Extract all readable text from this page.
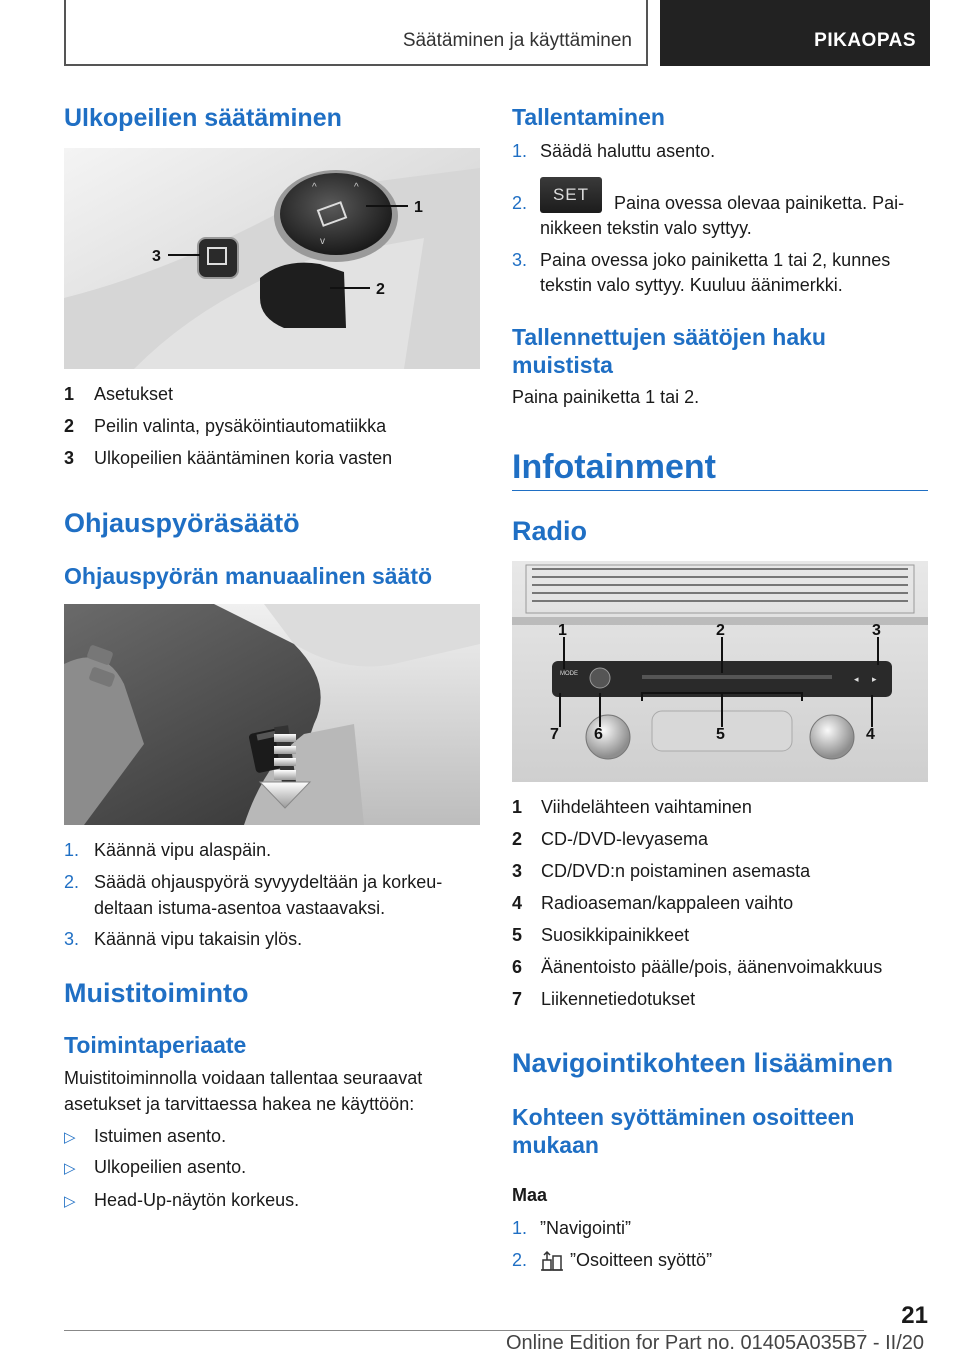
Säätäminen ja käyttäminen	PIKAOPAS
Ulkopeilien säätäminen
^	^
v
1
2
3
1 Asetukset
2 Peilin valinta, pysäköintiautomatiikka
3 Ulkopeilien kääntäminen koria vasten
Ohjauspyöräsäätö
Ohjauspyörän manuaalinen säätö
1. Käännä vipu alaspäin.
2. Säädä ohjauspyörä syvyydeltään ja korkeu-
deltaan istuma-asentoa vastaavaksi.
3. Käännä vipu takaisin ylös.
Muistitoiminto
Toimintaperiaate
Muistitoiminnolla voidaan tallentaa seuraavat
asetukset ja tarvittaessa hakea ne käyttöön:
▷ Istuimen asento.
▷ Ulkopeilien asento.
▷ Head-Up-näytön korkeus.
Tallentaminen
1. Säädä haluttu asento.
2.	SET	Paina ovessa olevaa painiketta. Pai-
nikkeen tekstin valo syttyy.
3. Paina ovessa joko painiketta 1 tai 2, kunnes
tekstin valo syttyy. Kuuluu äänimerkki.
Tallennettujen säätöjen haku
muistista
Paina painiketta 1 tai 2.
Infotainment
Radio
MODE	◂ ▸
1	2	3
4
5
6
7
1 Viihdelähteen vaihtaminen
2 CD-/DVD-levyasema
3 CD/DVD:n poistaminen asemasta
4 Radioaseman/kappaleen vaihto
5 Suosikkipainikkeet
6 Äänentoisto päälle/pois, äänenvoimakkuus
7 Liikennetiedotukset
Navigointikohteen lisääminen
Kohteen syöttäminen osoitteen
mukaan
Maa
1. ”Navigointi”
2. ”Osoitteen syöttö”
21
Online Edition for Part no. 01405A035B7 - II/20
